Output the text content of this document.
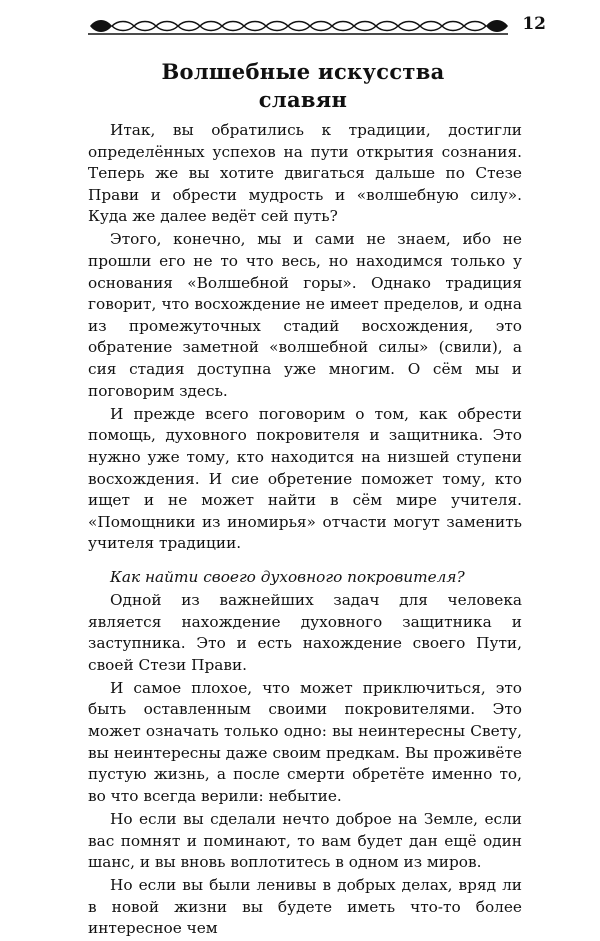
12
Волшебные искусства
славян

Итак, вы обратились к традиции, достигли определённых успехов на пути открытия сознания. Теперь же вы хотите двигаться дальше по Стезе Прави и обрести мудрость и «волшебную силу». Куда же далее ведёт сей путь?

Этого, конечно, мы и сами не знаем, ибо не прошли его не то что весь, но находимся только у основания «Волшебной горы». Однако традиция говорит, что восхождение не имеет пределов, и одна из промежуточных стадий восхождения, это обратение заметной «волшебной силы» (свили), а сия стадия доступна уже многим. О сём мы и поговорим здесь.

И прежде всего поговорим о том, как обрести помощь, духовного покровителя и защитника. Это нужно уже тому, кто находится на низшей ступени восхождения. И сие обретение поможет тому, кто ищет и не может найти в сём мире учителя. «Помощники из иномирья» отчасти могут заменить учителя традиции.

Как найти своего духовного покровителя?

Одной из важнейших задач для человека является нахождение духовного защитника и заступника. Это и есть нахождение своего Пути, своей Стези Прави.

И самое плохое, что может приключиться, это быть оставленным своими покровителями. Это может означать только одно: вы неинтересны Свету, вы неинтересны даже своим предкам. Вы проживёте пустую жизнь, а после смерти обретёте именно то, во что всегда верили: небытие.

Но если вы сделали нечто доброе на Земле, если вас помнят и поминают, то вам будет дан ещё один шанс, и вы вновь воплотитесь в одном из миров.

Но если вы были ленивы в добрых делах, вряд ли в новой жизни вы будете иметь что-то более интересное чем
